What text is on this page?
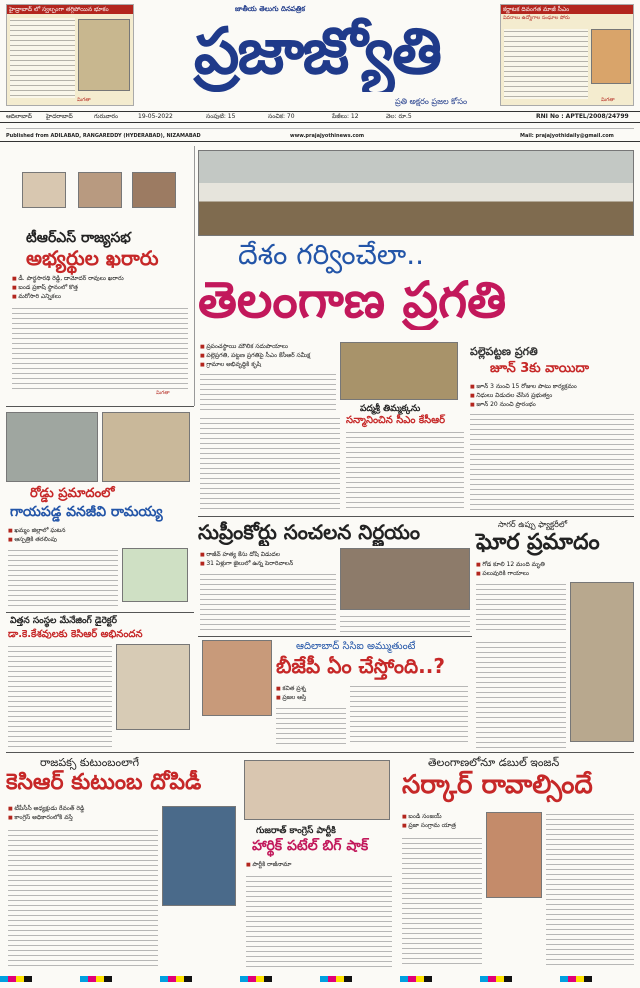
హైద్రాబాద్ లో స్వల్పంగా తగ్గిపోయిన భూకం
మిగతా
జాతీయ తెలుగు దినపత్రిక
ప్రజాజ్యోతి
ప్రతి అక్షరం ప్రజల కోసం
కర్ణాటక దివంగత మాజీ సీఎం
వివరాలు ఉద్యోగాల సంఘాల పోరు
మిగతా
ఆదిలాబాద్ హైదరాబాద్	గురువారం	19-05-2022	సంపుటి: 15	సంచిక: 70	పేజీలు: 12	వెల: రూ.5	RNI No : APTEL/2008/24799
Published from ADILABAD, RANGAREDDY (HYDERABAD), NIZAMABAD	www.prajajyothinews.com	Mail: prajajyothidaily@gmail.com
టీఆర్ఎస్ రాజ్యసభ
అభ్యర్థుల ఖరారు
■ డీ. పార్థసారథి రెడ్డి, దామోదర్ రావులు ఖరారు
■ బండ ప్రకాష్ స్థానంలో కొత్త
■ మరోసారి ఎన్నికలు
మిగతా
దేశం గర్వించేలా..
తెలంగాణ ప్రగతి
■ ప్రపంచస్థాయి మౌలిక సదుపాయాలు
■ పల్లెప్రగతి, పట్టణ ప్రగతిపై సీఎం కేసీఆర్ సమీక్ష
■ గ్రామాల అభివృద్ధికి కృషి
పల్లెపట్టణ ప్రగతి
జూన్ 3కు వాయిదా
■ జూన్ 3 నుంచి 15 రోజుల పాటు కార్యక్రమం
■ నిధులు విడుదల చేసిన ప్రభుత్వం
■ జూన్ 20 నుంచి ప్రారంభం
పద్మశ్రీ తిమ్మక్కను
సన్మానించిన సీఎం కేసీఆర్
రోడ్డు ప్రమాదంలో
గాయపడ్డ వనజీవి రామయ్య
■ ఖమ్మం జిల్లాలో ఘటన
■ ఆస్పత్రికి తరలింపు	సుప్రీంకోర్టు సంచలన నిర్ణయం
■ రాజీవ్ హత్య కేసు దోషి విడుదల
■ 31 ఏళ్లుగా జైలులో ఉన్న పెరారివాలన్
సాగర్ ఉప్పు ఫ్యాక్టరీలో
ఘోర ప్రమాదం
■ గోడ కూలి 12 మంది మృతి
■ పలువురికి గాయాలు
విత్తన సంస్థల మేనేజింగ్ డైరెక్టర్
డా.కె.కేశవులకు కెసిఆర్ అభినందన
ఆదిలాబాద్ సిసిఐ అమ్ముతుంటే
బీజేపీ ఏం చేస్తోంది..?
■ కవిత ప్రశ్న
■ ప్రజల ఆస్తి
రాజపక్స కుటుంబంలాగే
కెసిఆర్ కుటుంబ దోపిడీ
■ టీపీసీసీ అధ్యక్షుడు రేవంత్ రెడ్డి
■ కాంగ్రెస్ అధికారంలోకి వస్తే
గుజరాత్ కాంగ్రెస్ పార్టీకి
హార్థిక్ పటేల్ బిగ్ షాక్
■ పార్టీకి రాజీనామా
తెలంగాణలోనూ డబుల్ ఇంజన్
సర్కార్ రావాల్సిందే
■ బండి సంజయ్
■ ప్రజా సంగ్రామ యాత్ర
